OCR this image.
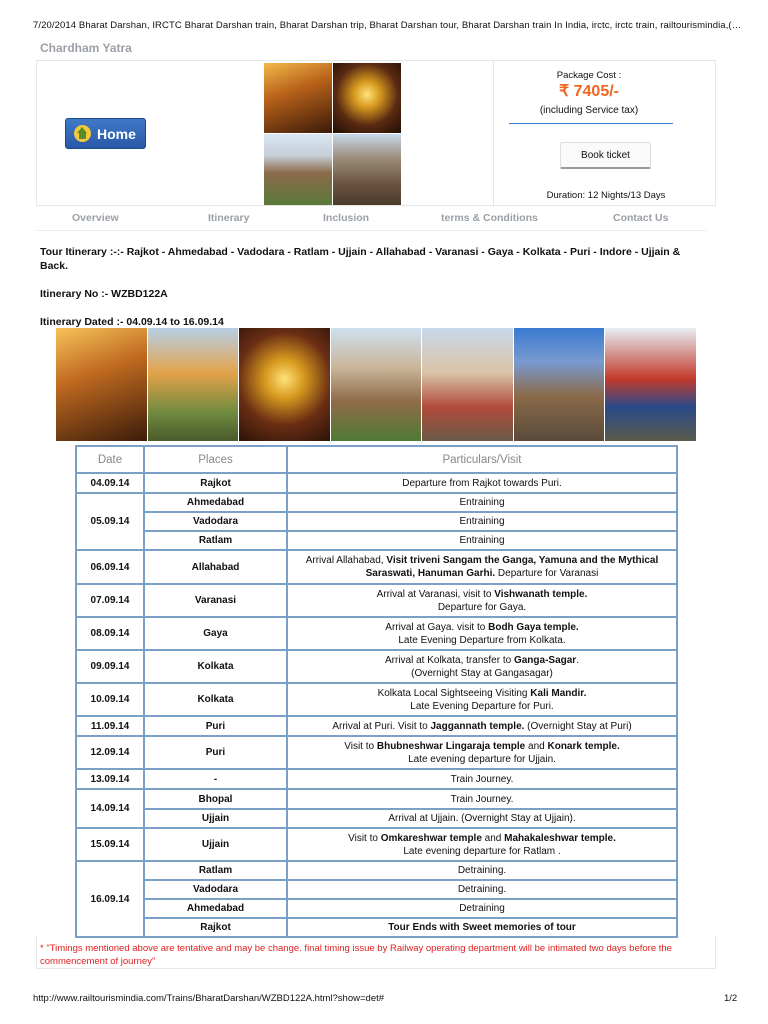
7/20/2014 Bharat Darshan, IRCTC Bharat Darshan train, Bharat Darshan trip, Bharat Darshan tour, Bharat Darshan train In India, irctc, irctc train, railtourismindia,(…
Chardham Yatra
Home
Package Cost :
₹ 7405/-
(including Service tax)
Book ticket
Duration: 12 Nights/13 Days
Overview	Itinerary	Inclusion	terms & Conditions	Contact Us
Tour Itinerary :-:- Rajkot - Ahmedabad - Vadodara - Ratlam - Ujjain - Allahabad - Varanasi - Gaya - Kolkata - Puri - Indore - Ujjain & Back.
Itinerary No :- WZBD122A
Itinerary Dated :- 04.09.14 to 16.09.14
Date	Places	Particulars/Visit
04.09.14	Rajkot	Departure from Rajkot towards Puri.
05.09.14	Ahmedabad	Entraining
	Vadodara	Entraining
	Ratlam	Entraining
06.09.14	Allahabad	Arrival Allahabad, Visit triveni Sangam the Ganga, Yamuna and the Mythical Saraswati, Hanuman Garhi. Departure for Varanasi
07.09.14	Varanasi	Arrival at Varanasi, visit to Vishwanath temple.
Departure for Gaya.
08.09.14	Gaya	Arrival at Gaya. visit to Bodh Gaya temple.
Late Evening Departure from Kolkata.
09.09.14	Kolkata	Arrival at Kolkata, transfer to Ganga-Sagar.
(Overnight Stay at Gangasagar)
10.09.14	Kolkata	Kolkata Local Sightseeing Visiting Kali Mandir.
Late Evening Departure for Puri.
11.09.14	Puri	Arrival at Puri. Visit to Jaggannath temple. (Overnight Stay at Puri)
12.09.14	Puri	Visit to Bhubneshwar Lingaraja temple and Konark temple.
Late evening departure for Ujjain.
13.09.14	-	Train Journey.
14.09.14	Bhopal	Train Journey.
	Ujjain	Arrival at Ujjain. (Overnight Stay at Ujjain).
15.09.14	Ujjain	Visit to Omkareshwar temple and Mahakaleshwar temple.
Late evening departure for Ratlam .
16.09.14	Ratlam	Detraining.
	Vadodara	Detraining.
	Ahmedabad	Detraining
	Rajkot	Tour Ends with Sweet memories of tour
* "Timings mentioned above are tentative and may be change. final timing issue by Railway operating department will be intimated two days before the commencement of journey"
http://www.railtourismindia.com/Trains/BharatDarshan/WZBD122A.html?show=det#	1/2
